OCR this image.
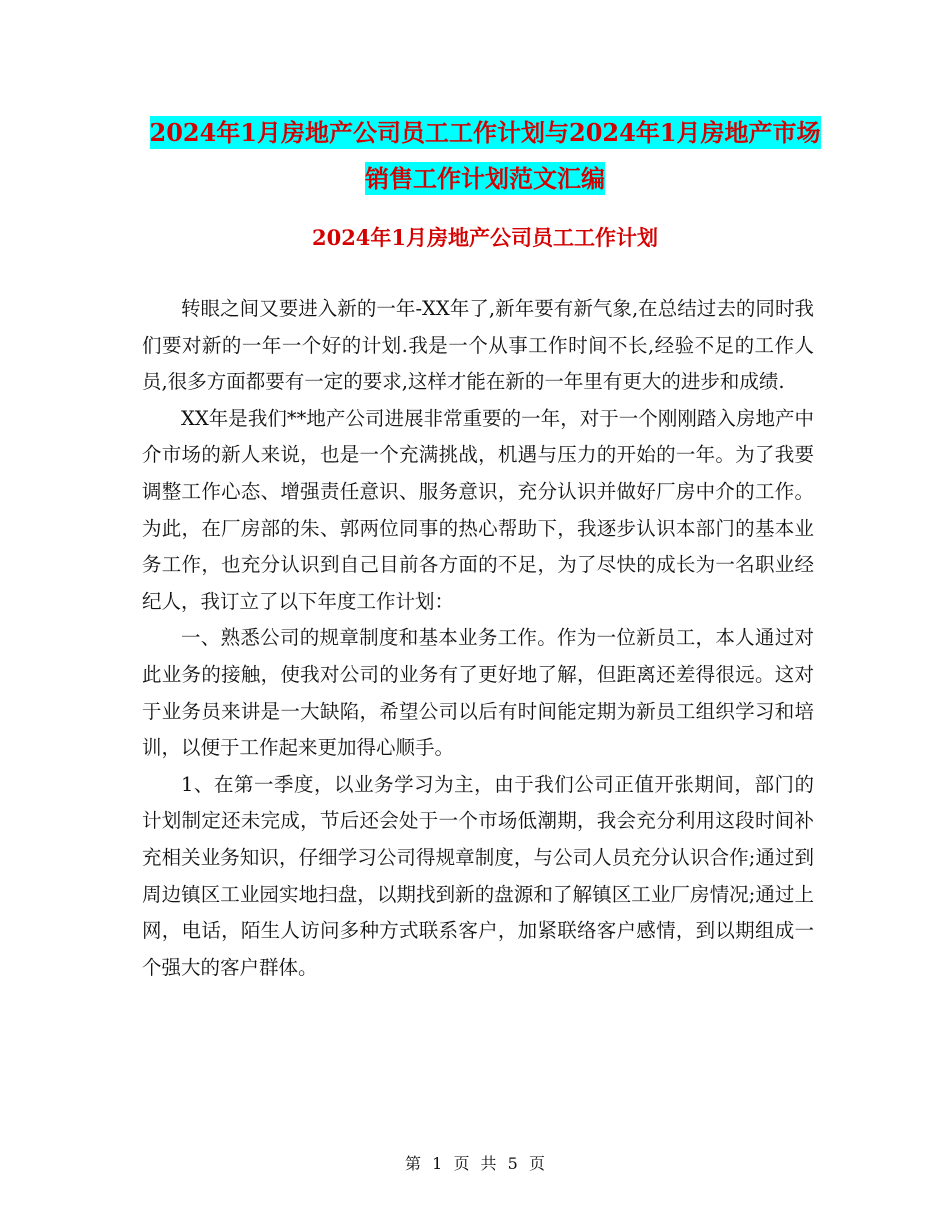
2024年1月房地产公司员工工作计划与2024年1月房地产市场销售工作计划范文汇编
2024年1月房地产公司员工工作计划

转眼之间又要进入新的一年-XX年了,新年要有新气象,在总结过去的同时我们要对新的一年一个好的计划.我是一个从事工作时间不长,经验不足的工作人员,很多方面都要有一定的要求,这样才能在新的一年里有更大的进步和成绩.

XX年是我们**地产公司进展非常重要的一年，对于一个刚刚踏入房地产中介市场的新人来说，也是一个充满挑战，机遇与压力的开始的一年。为了我要调整工作心态、增强责任意识、服务意识，充分认识并做好厂房中介的工作。为此，在厂房部的朱、郭两位同事的热心帮助下，我逐步认识本部门的基本业务工作，也充分认识到自己目前各方面的不足，为了尽快的成长为一名职业经纪人，我订立了以下年度工作计划：

一、熟悉公司的规章制度和基本业务工作。作为一位新员工，本人通过对此业务的接触，使我对公司的业务有了更好地了解，但距离还差得很远。这对于业务员来讲是一大缺陷，希望公司以后有时间能定期为新员工组织学习和培训，以便于工作起来更加得心顺手。

1、在第一季度，以业务学习为主，由于我们公司正值开张期间，部门的计划制定还未完成，节后还会处于一个市场低潮期，我会充分利用这段时间补充相关业务知识，仔细学习公司得规章制度，与公司人员充分认识合作;通过到周边镇区工业园实地扫盘，以期找到新的盘源和了解镇区工业厂房情况;通过上网，电话，陌生人访问多种方式联系客户，加紧联络客户感情，到以期组成一个强大的客户群体。

第 1 页 共 5 页
